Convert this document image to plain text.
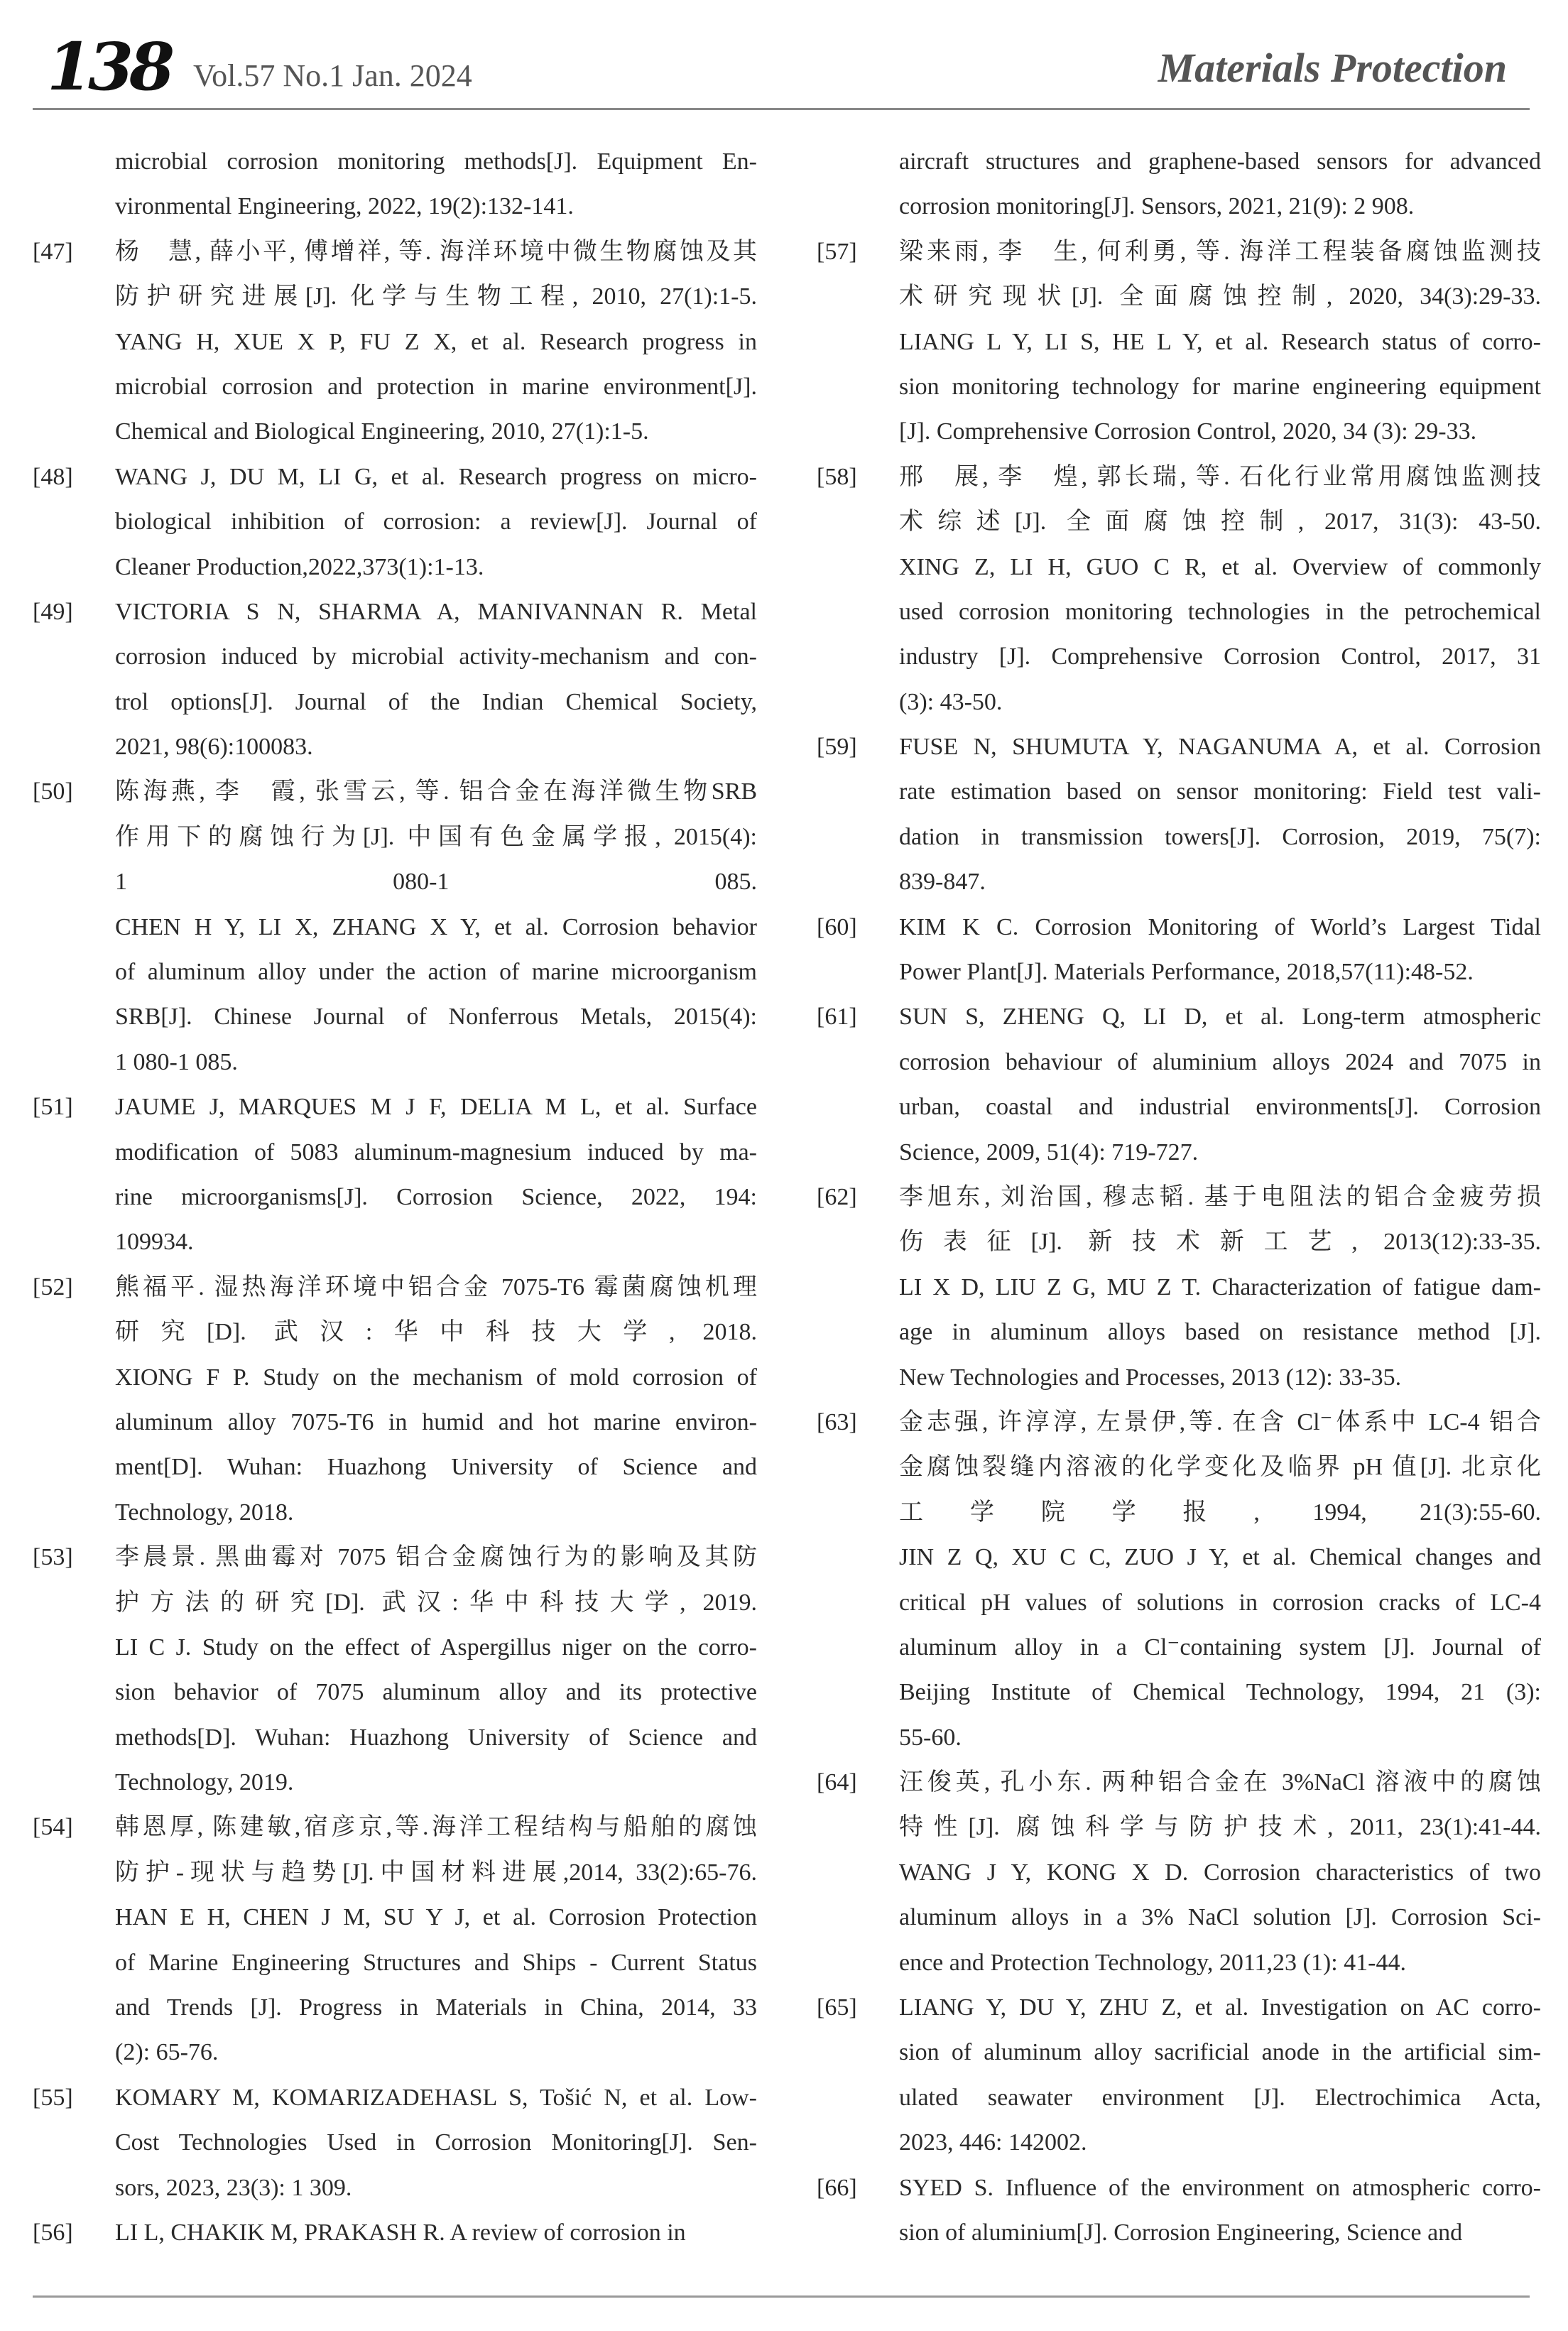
138 Vol.57 No.1 Jan. 2024	Materials Protection
microbial corrosion monitoring methods[J]. Equipment En-
vironmental Engineering, 2022, 19(2):132-141.
[47] 杨　慧, 薛小平, 傅增祥, 等. 海洋环境中微生物腐蚀及其
防护研究进展[J]. 化学与生物工程, 2010, 27(1):1-5.
YANG H, XUE X P, FU Z X, et al. Research progress in
microbial corrosion and protection in marine environment[J].
Chemical and Biological Engineering, 2010, 27(1):1-5.
[48] WANG J, DU M, LI G, et al. Research progress on micro-
biological inhibition of corrosion: a review[J]. Journal of
Cleaner Production,2022,373(1):1-13.
[49] VICTORIA S N, SHARMA A, MANIVANNAN R. Metal
corrosion induced by microbial activity-mechanism and con-
trol options[J]. Journal of the Indian Chemical Society,
2021, 98(6):100083.
[50] 陈海燕, 李　霞, 张雪云, 等. 铝合金在海洋微生物SRB
作用下的腐蚀行为[J]. 中国有色金属学报, 2015(4):
1 080-1 085.
CHEN H Y, LI X, ZHANG X Y, et al. Corrosion behavior
of aluminum alloy under the action of marine microorganism
SRB[J]. Chinese Journal of Nonferrous Metals, 2015(4):
1 080-1 085.
[51] JAUME J, MARQUES M J F, DELIA M L, et al. Surface
modification of 5083 aluminum-magnesium induced by ma-
rine microorganisms[J]. Corrosion Science, 2022, 194:
109934.
[52] 熊福平. 湿热海洋环境中铝合金 7075-T6 霉菌腐蚀机理
研究[D]. 武汉:华中科技大学, 2018.
XIONG F P. Study on the mechanism of mold corrosion of
aluminum alloy 7075-T6 in humid and hot marine environ-
ment[D]. Wuhan: Huazhong University of Science and
Technology, 2018.
[53] 李晨景. 黑曲霉对 7075 铝合金腐蚀行为的影响及其防
护方法的研究[D]. 武汉:华中科技大学, 2019.
LI C J. Study on the effect of Aspergillus niger on the corro-
sion behavior of 7075 aluminum alloy and its protective
methods[D]. Wuhan: Huazhong University of Science and
Technology, 2019.
[54] 韩恩厚, 陈建敏,宿彦京,等.海洋工程结构与船舶的腐蚀
防护-现状与趋势[J].中国材料进展,2014, 33(2):65-76.
HAN E H, CHEN J M, SU Y J, et al. Corrosion Protection
of Marine Engineering Structures and Ships - Current Status
and Trends [J]. Progress in Materials in China, 2014, 33
(2): 65-76.
[55] KOMARY M, KOMARIZADEHASL S, Tošić N, et al. Low-
Cost Technologies Used in Corrosion Monitoring[J]. Sen-
sors, 2023, 23(3): 1 309.
[56] LI L, CHAKIK M, PRAKASH R. A review of corrosion in
aircraft structures and graphene-based sensors for advanced
corrosion monitoring[J]. Sensors, 2021, 21(9): 2 908.
[57] 梁来雨, 李　生, 何利勇, 等. 海洋工程装备腐蚀监测技
术研究现状[J]. 全面腐蚀控制, 2020, 34(3):29-33.
LIANG L Y, LI S, HE L Y, et al. Research status of corro-
sion monitoring technology for marine engineering equipment
[J]. Comprehensive Corrosion Control, 2020, 34 (3): 29-33.
[58] 邢　展, 李　煌, 郭长瑞, 等. 石化行业常用腐蚀监测技
术综述[J]. 全面腐蚀控制, 2017, 31(3): 43-50.
XING Z, LI H, GUO C R, et al. Overview of commonly
used corrosion monitoring technologies in the petrochemical
industry [J]. Comprehensive Corrosion Control, 2017, 31
(3): 43-50.
[59] FUSE N, SHUMUTA Y, NAGANUMA A, et al. Corrosion
rate estimation based on sensor monitoring: Field test vali-
dation in transmission towers[J]. Corrosion, 2019, 75(7):
839-847.
[60] KIM K C. Corrosion Monitoring of World’s Largest Tidal
Power Plant[J]. Materials Performance, 2018,57(11):48-52.
[61] SUN S, ZHENG Q, LI D, et al. Long-term atmospheric
corrosion behaviour of aluminium alloys 2024 and 7075 in
urban, coastal and industrial environments[J]. Corrosion
Science, 2009, 51(4): 719-727.
[62] 李旭东, 刘治国, 穆志韬. 基于电阻法的铝合金疲劳损
伤表征[J]. 新技术新工艺, 2013(12):33-35.
LI X D, LIU Z G, MU Z T. Characterization of fatigue dam-
age in aluminum alloys based on resistance method [J].
New Technologies and Processes, 2013 (12): 33-35.
[63] 金志强, 许淳淳, 左景伊,等. 在含 Cl⁻体系中 LC-4 铝合
金腐蚀裂缝内溶液的化学变化及临界 pH 值[J]. 北京化
工学院学报, 1994, 21(3):55-60.
JIN Z Q, XU C C, ZUO J Y, et al. Chemical changes and
critical pH values of solutions in corrosion cracks of LC-4
aluminum alloy in a Cl⁻containing system [J]. Journal of
Beijing Institute of Chemical Technology, 1994, 21 (3):
55-60.
[64] 汪俊英, 孔小东. 两种铝合金在 3%NaCl 溶液中的腐蚀
特性[J]. 腐蚀科学与防护技术, 2011, 23(1):41-44.
WANG J Y, KONG X D. Corrosion characteristics of two
aluminum alloys in a 3% NaCl solution [J]. Corrosion Sci-
ence and Protection Technology, 2011,23 (1): 41-44.
[65] LIANG Y, DU Y, ZHU Z, et al. Investigation on AC corro-
sion of aluminum alloy sacrificial anode in the artificial sim-
ulated seawater environment [J]. Electrochimica Acta,
2023, 446: 142002.
[66] SYED S. Influence of the environment on atmospheric corro-
sion of aluminium[J]. Corrosion Engineering, Science and
